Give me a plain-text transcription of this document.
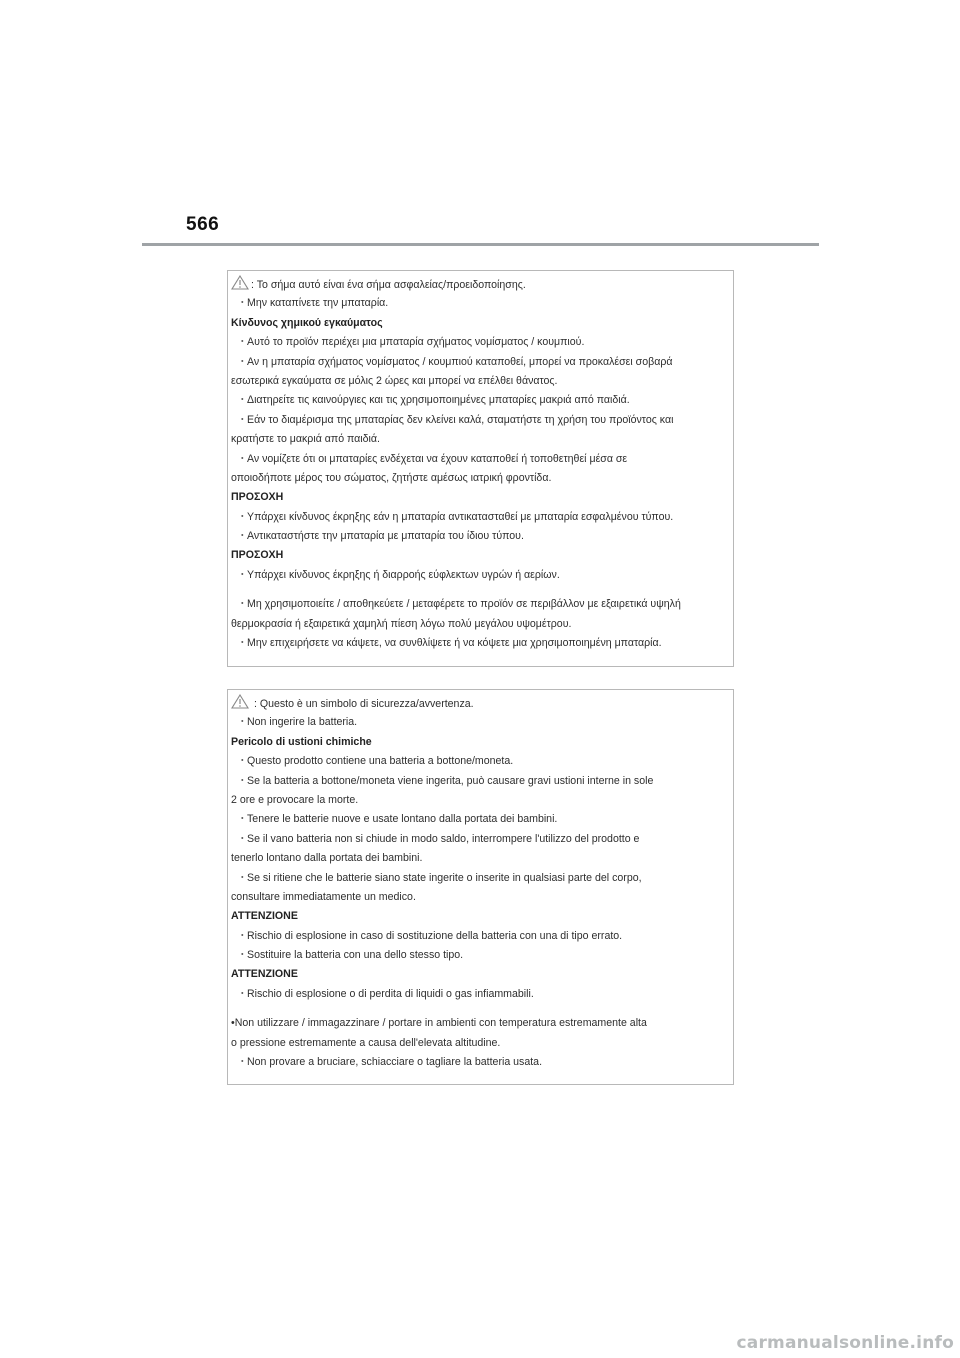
566
: Το σήμα αυτό είναι ένα σήμα ασφαλείας/προειδοποίησης.
・Μην καταπίνετε την μπαταρία.
Κίνδυνος χημικού εγκαύματος
・Αυτό το προϊόν περιέχει μια μπαταρία σχήματος νομίσματος / κουμπιού.
・Αν η μπαταρία σχήματος νομίσματος / κουμπιού καταποθεί, μπορεί να προκαλέσει σοβαρά
εσωτερικά εγκαύματα σε μόλις 2 ώρες και μπορεί να επέλθει θάνατος.
・Διατηρείτε τις καινούργιες και τις χρησιμοποιημένες μπαταρίες μακριά από παιδιά.
・Εάν το διαμέρισμα της μπαταρίας δεν κλείνει καλά, σταματήστε τη χρήση του προϊόντος και
κρατήστε το μακριά από παιδιά.
・Αν νομίζετε ότι οι μπαταρίες ενδέχεται να έχουν καταποθεί ή τοποθετηθεί μέσα σε
οποιοδήποτε μέρος του σώματος, ζητήστε αμέσως ιατρική φροντίδα.
ΠΡΟΣΟΧΗ
・Υπάρχει κίνδυνος έκρηξης εάν η μπαταρία αντικατασταθεί με μπαταρία εσφαλμένου τύπου.
・Αντικαταστήστε την μπαταρία με μπαταρία του ίδιου τύπου.
ΠΡΟΣΟΧΗ
・Υπάρχει κίνδυνος έκρηξης ή διαρροής εύφλεκτων υγρών ή αερίων.
・Μη χρησιμοποιείτε / αποθηκεύετε / μεταφέρετε το προϊόν σε περιβάλλον με εξαιρετικά υψηλή
θερμοκρασία ή εξαιρετικά χαμηλή πίεση λόγω πολύ μεγάλου υψομέτρου.
・Μην επιχειρήσετε να κάψετε, να συνθλίψετε ή να κόψετε μια χρησιμοποιημένη μπαταρία.
: Questo è un simbolo di sicurezza/avvertenza.
・Non ingerire la batteria.
Pericolo di ustioni chimiche
・Questo prodotto contiene una batteria a bottone/moneta.
・Se la batteria a bottone/moneta viene ingerita, può causare gravi ustioni interne in sole
2 ore e provocare la morte.
・Tenere le batterie nuove e usate lontano dalla portata dei bambini.
・Se il vano batteria non si chiude in modo saldo, interrompere l'utilizzo del prodotto e
tenerlo lontano dalla portata dei bambini.
・Se si ritiene che le batterie siano state ingerite o inserite in qualsiasi parte del corpo,
consultare immediatamente un medico.
ATTENZIONE
・Rischio di esplosione in caso di sostituzione della batteria con una di tipo errato.
・Sostituire la batteria con una dello stesso tipo.
ATTENZIONE
・Rischio di esplosione o di perdita di liquidi o gas infiammabili.
•Non utilizzare / immagazzinare / portare in ambienti con temperatura estremamente alta
o pressione estremamente a causa dell'elevata altitudine.
・Non provare a bruciare, schiacciare o tagliare la batteria usata.
carmanualsonline.info
